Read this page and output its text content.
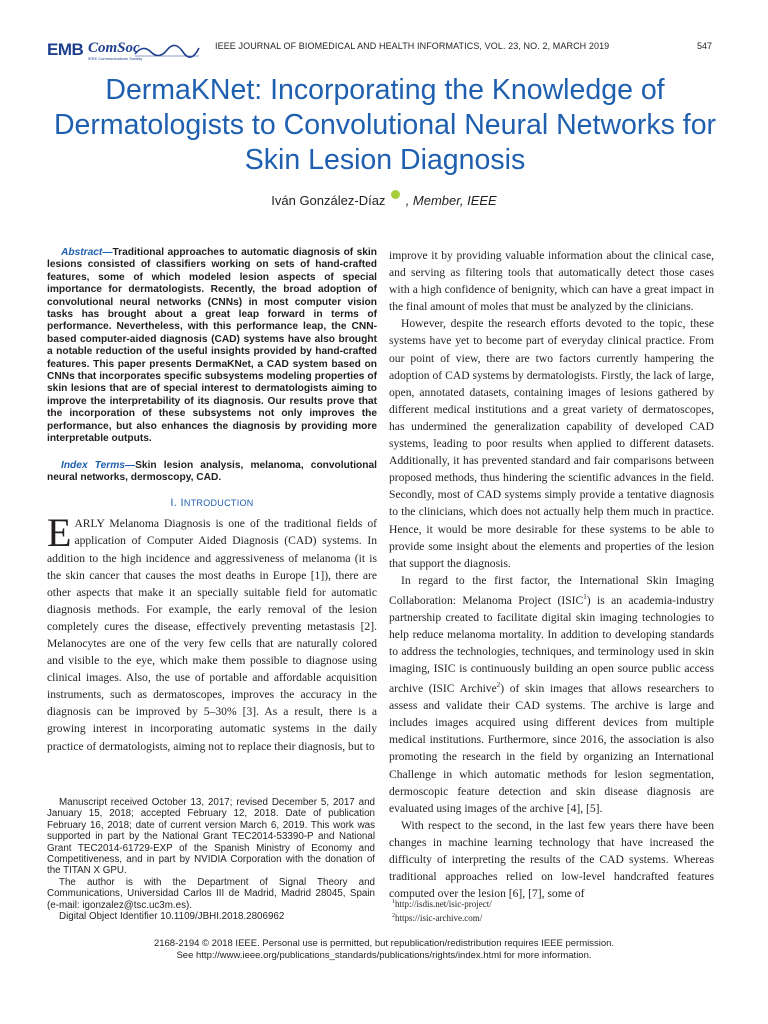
EMB ComSoc
IEEE Communications Society
IEEE JOURNAL OF BIOMEDICAL AND HEALTH INFORMATICS, VOL. 23, NO. 2, MARCH 2019	547
DermaKNet: Incorporating the Knowledge of Dermatologists to Convolutional Neural Networks for Skin Lesion Diagnosis
Iván González-Díaz , Member, IEEE

Abstract—Traditional approaches to automatic diagnosis of skin lesions consisted of classifiers working on sets of hand-crafted features, some of which modeled lesion aspects of special importance for dermatologists. Recently, the broad adoption of convolutional neural networks (CNNs) in most computer vision tasks has brought about a great leap forward in terms of performance. Nevertheless, with this performance leap, the CNN-based computer-aided diagnosis (CAD) systems have also brought a notable reduction of the useful insights provided by hand-crafted features. This paper presents DermaKNet, a CAD system based on CNNs that incorporates specific subsystems modeling properties of skin lesions that are of special interest to dermatologists aiming to improve the interpretability of its diagnosis. Our results prove that the incorporation of these subsystems not only improves the performance, but also enhances the diagnosis by providing more interpretable outputs.

Index Terms—Skin lesion analysis, melanoma, convolutional neural networks, dermoscopy, CAD.

I. INTRODUCTION

EARLY Melanoma Diagnosis is one of the traditional fields of application of Computer Aided Diagnosis (CAD) systems. In addition to the high incidence and aggressiveness of melanoma (it is the skin cancer that causes the most deaths in Europe [1]), there are other aspects that make it an specially suitable field for automatic diagnosis methods. For example, the early removal of the lesion completely cures the disease, effectively preventing metastasis [2]. Melanocytes are one of the very few cells that are naturally colored and visible to the eye, which make them possible to diagnose using clinical images. Also, the use of portable and affordable acquisition instruments, such as dermatoscopes, improves the accuracy in the diagnosis can be improved by 5–30% [3]. As a result, there is a growing interest in incorporating automatic systems in the daily practice of dermatologists, aiming not to replace their diagnosis, but to

improve it by providing valuable information about the clinical case, and serving as filtering tools that automatically detect those cases with a high confidence of benignity, which can have a great impact in the final amount of moles that must be analyzed by the clinicians.

However, despite the research efforts devoted to the topic, these systems have yet to become part of everyday clinical practice. From our point of view, there are two factors currently hampering the adoption of CAD systems by dermatologists. Firstly, the lack of large, open, annotated datasets, containing images of lesions gathered by different medical institutions and a great variety of dermatoscopes, has undermined the generalization capability of developed CAD systems, leading to poor results when applied to different datasets. Additionally, it has prevented standard and fair comparisons between proposed methods, thus hindering the scientific advances in the field. Secondly, most of CAD systems simply provide a tentative diagnosis to the clinicians, which does not actually help them much in practice. Hence, it would be more desirable for these systems to be able to provide some insight about the elements and properties of the lesion that support the diagnosis.

In regard to the first factor, the International Skin Imaging Collaboration: Melanoma Project (ISIC$^1$) is an academia-industry partnership created to facilitate digital skin imaging technologies to help reduce melanoma mortality. In addition to developing standards to address the technologies, techniques, and terminology used in skin imaging, ISIC is continuously building an open source public access archive (ISIC Archive$^2$) of skin images that allows researchers to assess and validate their CAD systems. The archive is large and includes images acquired using different devices from multiple medical institutions. Furthermore, since 2016, the association is also promoting the research in the field by organizing an International Challenge in which automatic methods for lesion segmentation, dermoscopic feature detection and skin disease diagnosis are evaluated using images of the archive [4], [5].

With respect to the second, in the last few years there have been changes in machine learning technology that have increased the difficulty of interpreting the results of the CAD systems. Whereas traditional approaches relied on low-level handcrafted features computed over the lesion [6], [7], some of

Manuscript received October 13, 2017; revised December 5, 2017 and January 15, 2018; accepted February 12, 2018. Date of publication February 16, 2018; date of current version March 6, 2019. This work was supported in part by the National Grant TEC2014-53390-P and National Grant TEC2014-61729-EXP of the Spanish Ministry of Economy and Competitiveness, and in part by NVIDIA Corporation with the donation of the TITAN X GPU.

The author is with the Department of Signal Theory and Communications, Universidad Carlos III de Madrid, Madrid 28045, Spain (e-mail: igonzalez@tsc.uc3m.es).

Digital Object Identifier 10.1109/JBHI.2018.2806962

$^1$http://isdis.net/isic-project/

$^2$https://isic-archive.com/

2168-2194 © 2018 IEEE. Personal use is permitted, but republication/redistribution requires IEEE permission.

See http://www.ieee.org/publications_standards/publications/rights/index.html for more information.
